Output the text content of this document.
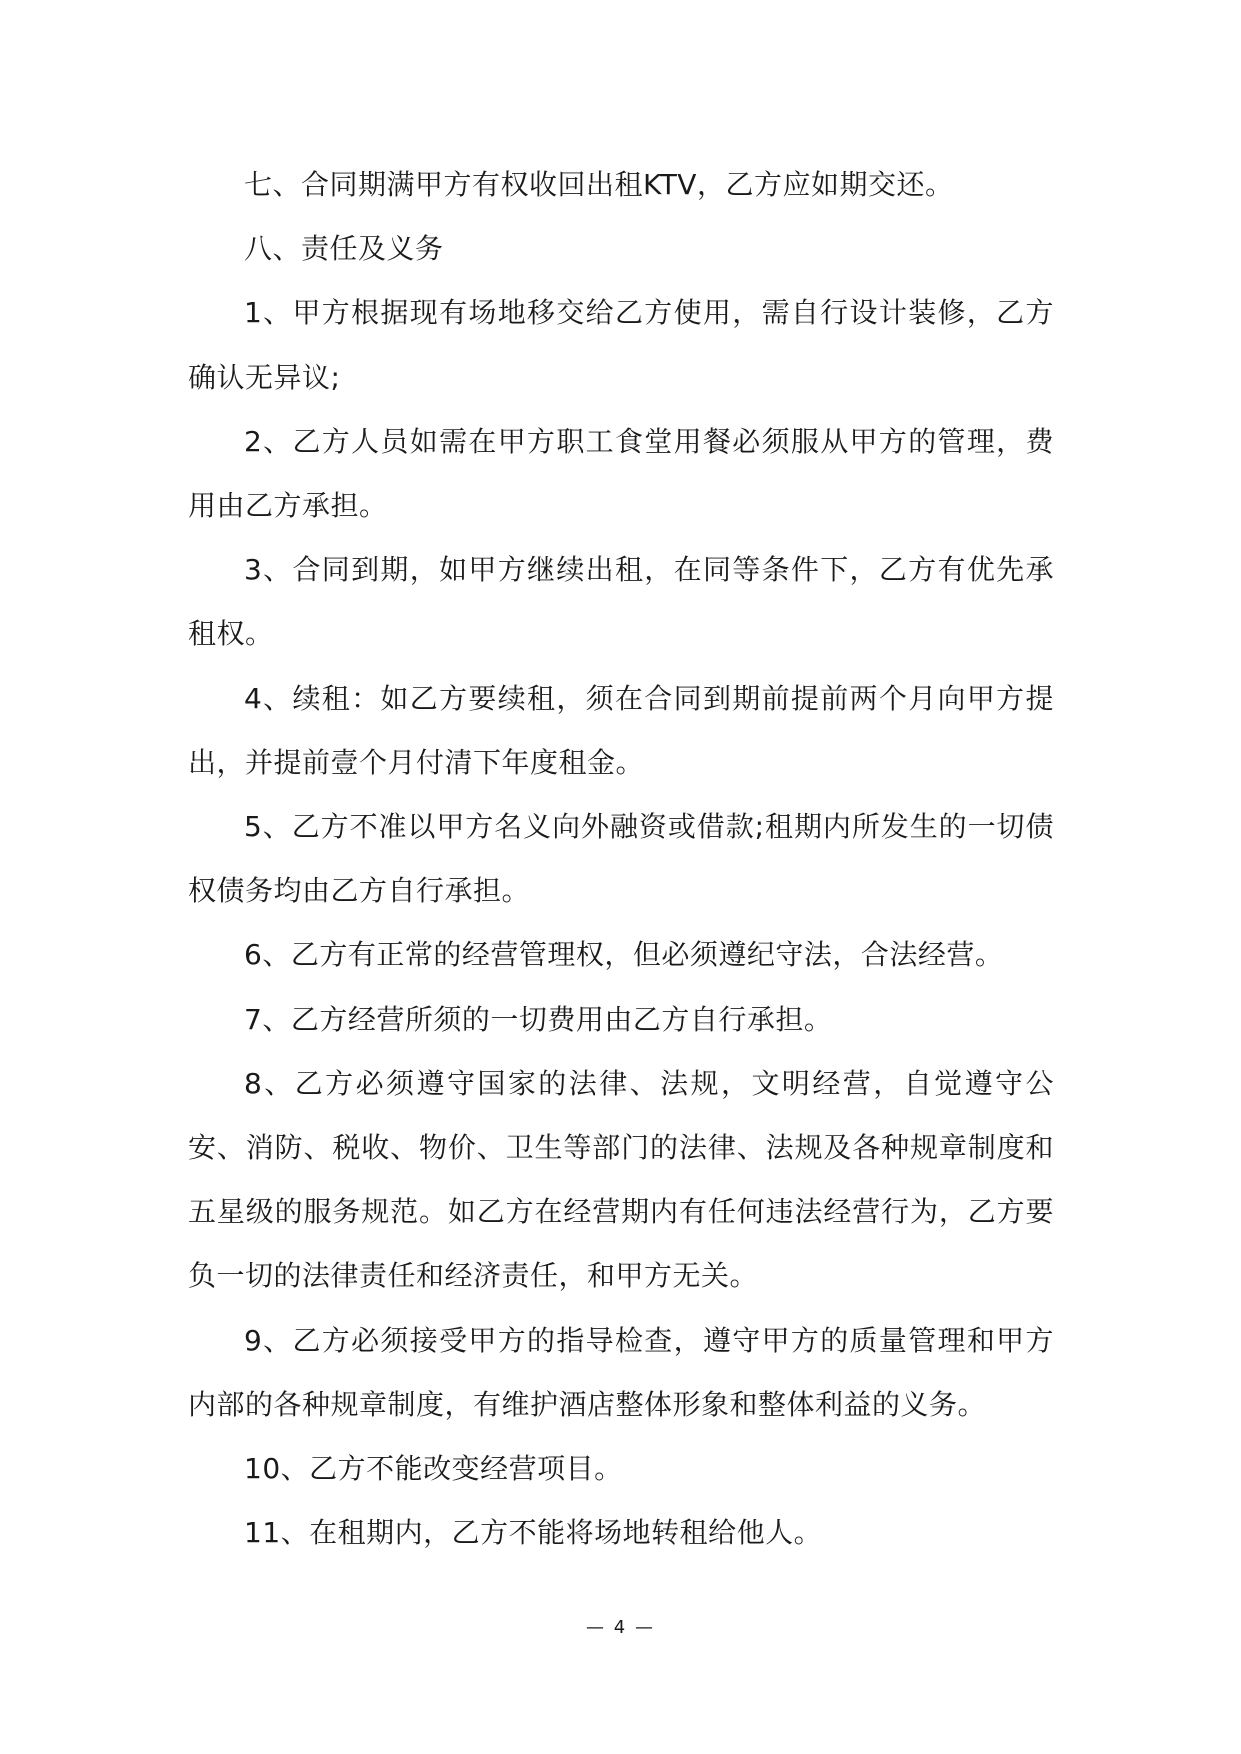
七、合同期满甲方有权收回出租KTV，乙方应如期交还。

八、责任及义务

1、甲方根据现有场地移交给乙方使用，需自行设计装修，乙方确认无异议;

2、乙方人员如需在甲方职工食堂用餐必须服从甲方的管理，费用由乙方承担。

3、合同到期，如甲方继续出租，在同等条件下，乙方有优先承租权。

4、续租：如乙方要续租，须在合同到期前提前两个月向甲方提出，并提前壹个月付清下年度租金。

5、乙方不准以甲方名义向外融资或借款;租期内所发生的一切债权债务均由乙方自行承担。

6、乙方有正常的经营管理权，但必须遵纪守法，合法经营。

7、乙方经营所须的一切费用由乙方自行承担。

8、乙方必须遵守国家的法律、法规，文明经营，自觉遵守公安、消防、税收、物价、卫生等部门的法律、法规及各种规章制度和五星级的服务规范。如乙方在经营期内有任何违法经营行为，乙方要负一切的法律责任和经济责任，和甲方无关。

9、乙方必须接受甲方的指导检查，遵守甲方的质量管理和甲方内部的各种规章制度，有维护酒店整体形象和整体利益的义务。

10、乙方不能改变经营项目。

11、在租期内，乙方不能将场地转租给他人。

— 4 —
